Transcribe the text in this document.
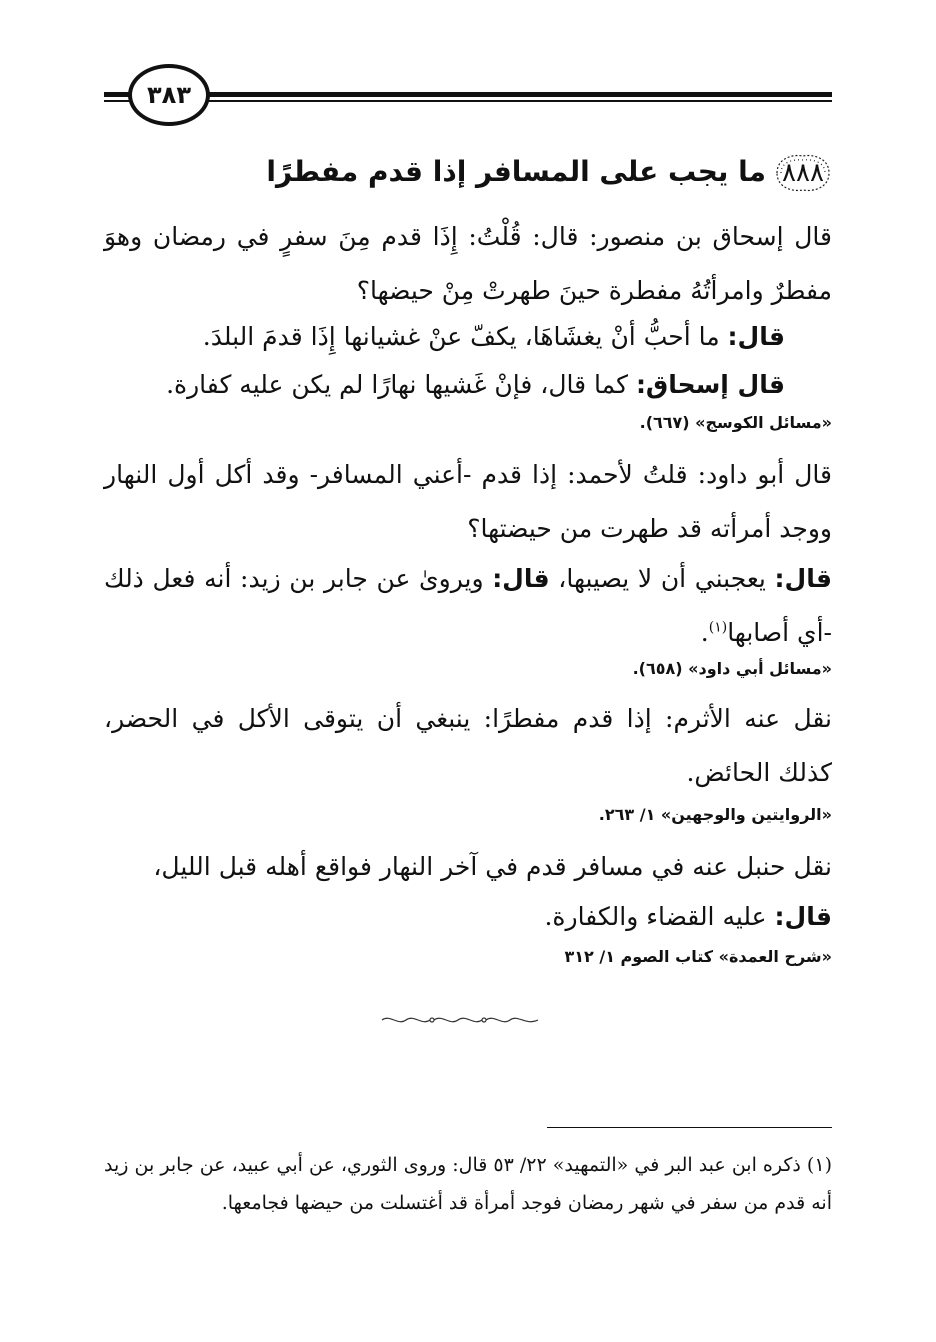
٣٨٣
٨٨٨
ما يجب على المسافر إذا قدم مفطرًا
قال إسحاق بن منصور: قال: قُلْتُ: إِذَا قدم مِنَ سفرٍ في رمضان وهوَ مفطرٌ وامرأتُهُ مفطرة حينَ طهرتْ مِنْ حيضها؟
قال: ما أحبُّ أنْ يغشَاهَا، يكفّ عنْ غشيانها إِذَا قدمَ البلدَ.
قال إسحاق: كما قال، فإنْ غَشيها نهارًا لم يكن عليه كفارة.
«مسائل الكوسج» (٦٦٧).
قال أبو داود: قلتُ لأحمد: إذا قدم -أعني المسافر- وقد أكل أول النهار ووجد أمرأته قد طهرت من حيضتها؟
قال: يعجبني أن لا يصيبها، قال: ويروىٰ عن جابر بن زيد: أنه فعل ذلك -أي أصابها$^{(١)}$.
«مسائل أبي داود» (٦٥٨).
نقل عنه الأثرم: إذا قدم مفطرًا: ينبغي أن يتوقى الأكل في الحضر، كذلك الحائض.
«الروايتين والوجهين» ١/ ٢٦٣.
نقل حنبل عنه في مسافر قدم في آخر النهار فواقع أهله قبل الليل،
قال: عليه القضاء والكفارة.
«شرح العمدة» كتاب الصوم ١/ ٣١٢
(١) ذكره ابن عبد البر في «التمهيد» ٢٢/ ٥٣ قال: وروى الثوري، عن أبي عبيد، عن جابر بن زيد أنه قدم من سفر في شهر رمضان فوجد أمرأة قد أغتسلت من حيضها فجامعها.
